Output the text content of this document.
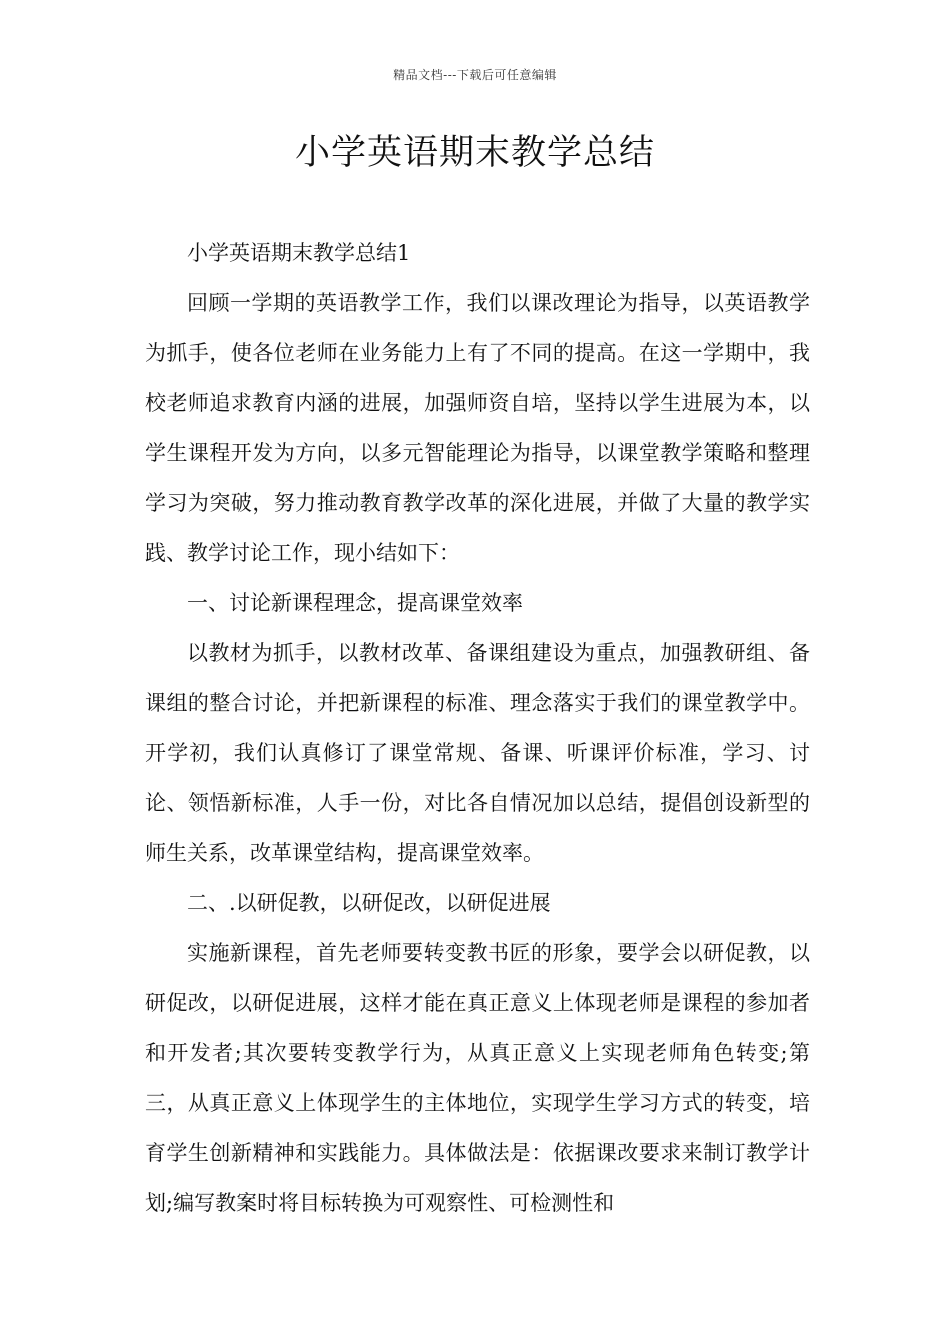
精品文档---下载后可任意编辑
小学英语期末教学总结

小学英语期末教学总结1

回顾一学期的英语教学工作，我们以课改理论为指导，以英语教学为抓手，使各位老师在业务能力上有了不同的提高。在这一学期中，我校老师追求教育内涵的进展，加强师资自培，坚持以学生进展为本，以学生课程开发为方向，以多元智能理论为指导，以课堂教学策略和整理学习为突破，努力推动教育教学改革的深化进展，并做了大量的教学实践、教学讨论工作，现小结如下：

一、讨论新课程理念，提高课堂效率

以教材为抓手，以教材改革、备课组建设为重点，加强教研组、备课组的整合讨论，并把新课程的标准、理念落实于我们的课堂教学中。开学初，我们认真修订了课堂常规、备课、听课评价标准，学习、讨论、领悟新标准，人手一份，对比各自情况加以总结，提倡创设新型的师生关系，改革课堂结构，提高课堂效率。

二、.以研促教，以研促改，以研促进展

实施新课程，首先老师要转变教书匠的形象，要学会以研促教，以研促改，以研促进展，这样才能在真正意义上体现老师是课程的参加者和开发者;其次要转变教学行为，从真正意义上实现老师角色转变;第三，从真正意义上体现学生的主体地位，实现学生学习方式的转变，培育学生创新精神和实践能力。具体做法是：依据课改要求来制订教学计划;编写教案时将目标转换为可观察性、可检测性和
